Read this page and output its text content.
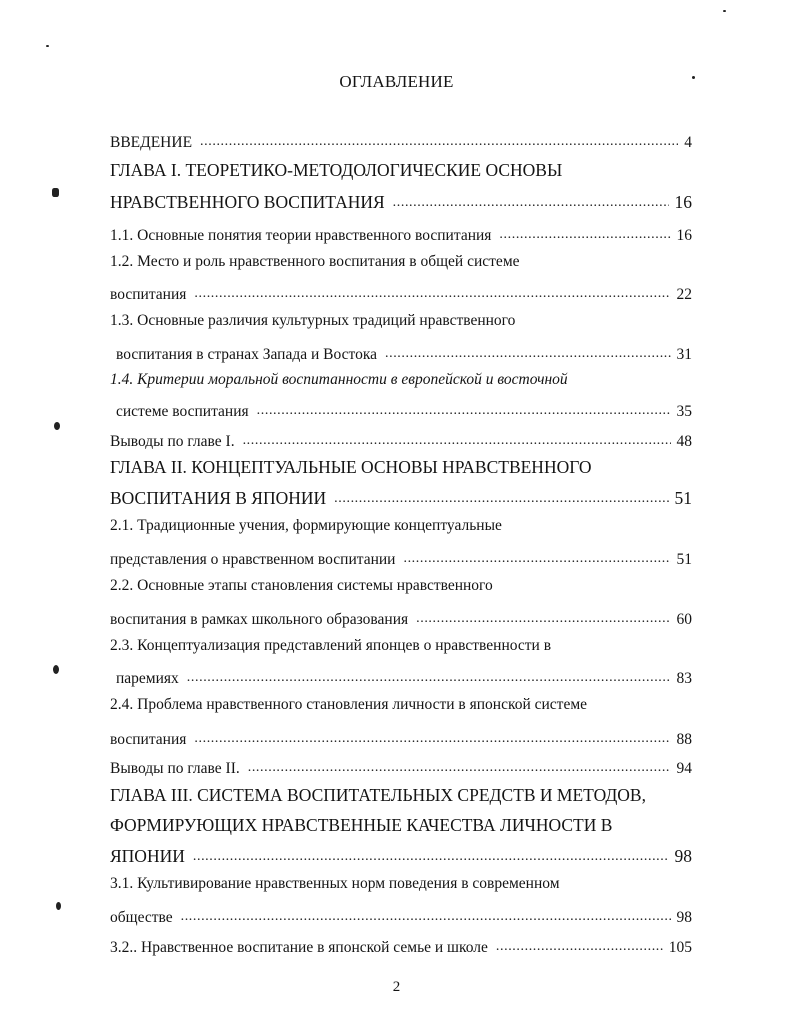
ОГЛАВЛЕНИЕ
ВВЕДЕНИЕ .....	4
ГЛАВА I. ТЕОРЕТИКО-МЕТОДОЛОГИЧЕСКИЕ ОСНОВЫ
НРАВСТВЕННОГО ВОСПИТАНИЯ .....	16
1.1. Основные понятия теории нравственного воспитания .....	16
1.2. Место и роль нравственного воспитания в общей системе
воспитания .....	22
1.3. Основные различия культурных традиций нравственного
воспитания в странах Запада и Востока .....	31
1.4. Критерии моральной воспитанности в европейской и восточной
системе воспитания .....	35
Выводы по главе I. .....	48
ГЛАВА II. КОНЦЕПТУАЛЬНЫЕ ОСНОВЫ НРАВСТВЕННОГО
ВОСПИТАНИЯ В ЯПОНИИ .....	51
2.1. Традиционные учения, формирующие концептуальные
представления о нравственном воспитании .....	51
2.2. Основные этапы становления системы нравственного
воспитания в рамках школьного образования .....	60
2.3. Концептуализация представлений японцев о нравственности в
паремиях .....	83
2.4. Проблема нравственного становления личности в японской системе
воспитания .....	88
Выводы по главе II. .....	94
ГЛАВА III. СИСТЕМА ВОСПИТАТЕЛЬНЫХ СРЕДСТВ И МЕТОДОВ,
ФОРМИРУЮЩИХ НРАВСТВЕННЫЕ КАЧЕСТВА ЛИЧНОСТИ В
ЯПОНИИ .....	98
3.1. Культивирование нравственных норм поведения в современном
обществе .....	98
3.2.. Нравственное воспитание в японской семье и школе .....	105
2
